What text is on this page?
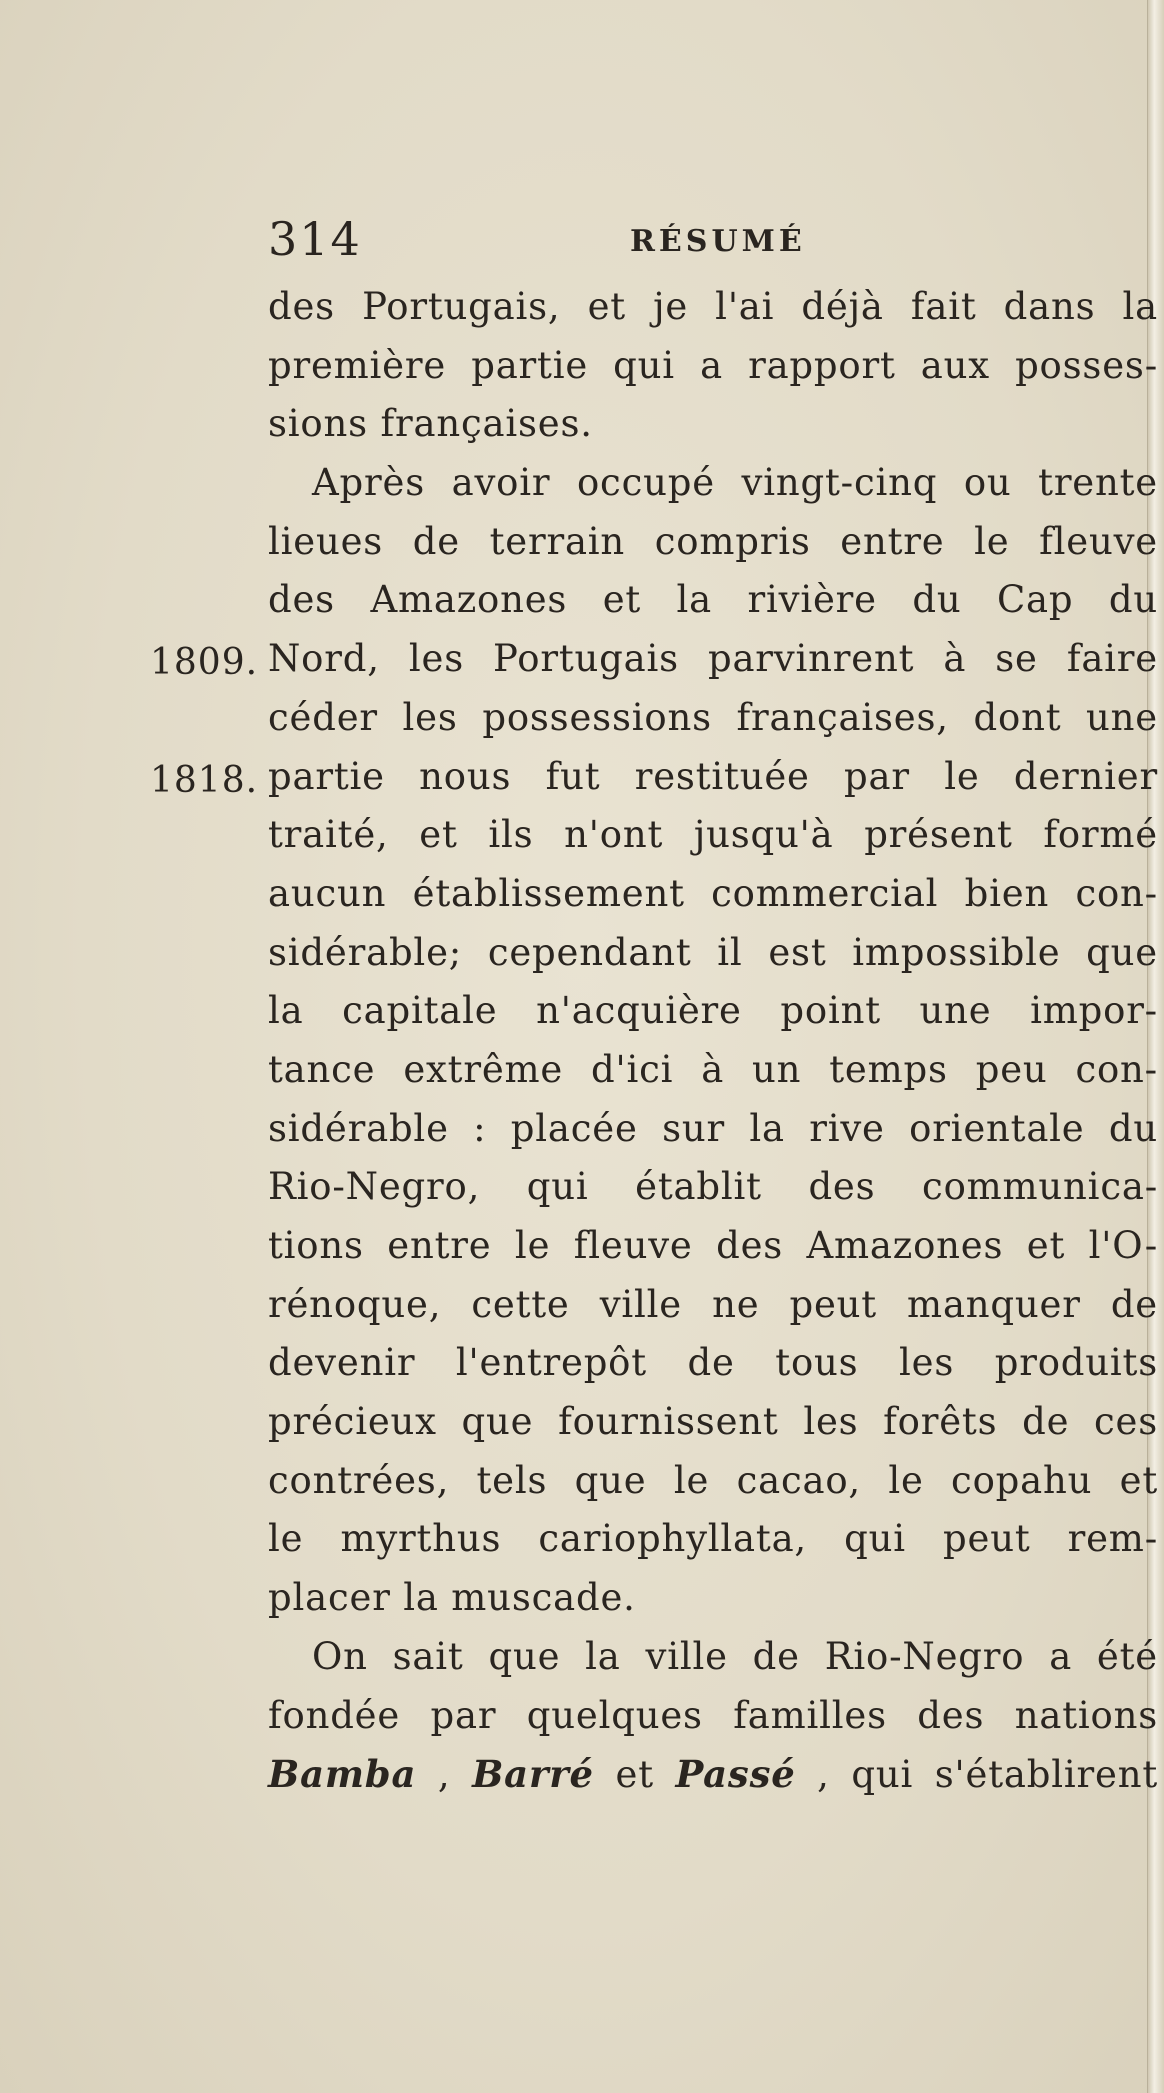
314	RÉSUMÉ
1809.
1818.
des Portugais, et je l'ai déjà fait dans la
première partie qui a rapport aux posses-
sions françaises.
Après avoir occupé vingt-cinq ou trente
lieues de terrain compris entre le fleuve
des Amazones et la rivière du Cap du
Nord, les Portugais parvinrent à se faire
céder les possessions françaises, dont une
partie nous fut restituée par le dernier
traité, et ils n'ont jusqu'à présent formé
aucun établissement commercial bien con-
sidérable; cependant il est impossible que
la capitale n'acquière point une impor-
tance extrême d'ici à un temps peu con-
sidérable : placée sur la rive orientale du
Rio-Negro, qui établit des communica-
tions entre le fleuve des Amazones et l'O-
rénoque, cette ville ne peut manquer de
devenir l'entrepôt de tous les produits
précieux que fournissent les forêts de ces
contrées, tels que le cacao, le copahu et
le myrthus cariophyllata, qui peut rem-
placer la muscade.
On sait que la ville de Rio-Negro a été
fondée par quelques familles des nations
Bamba , Barré et Passé , qui s'établirent
